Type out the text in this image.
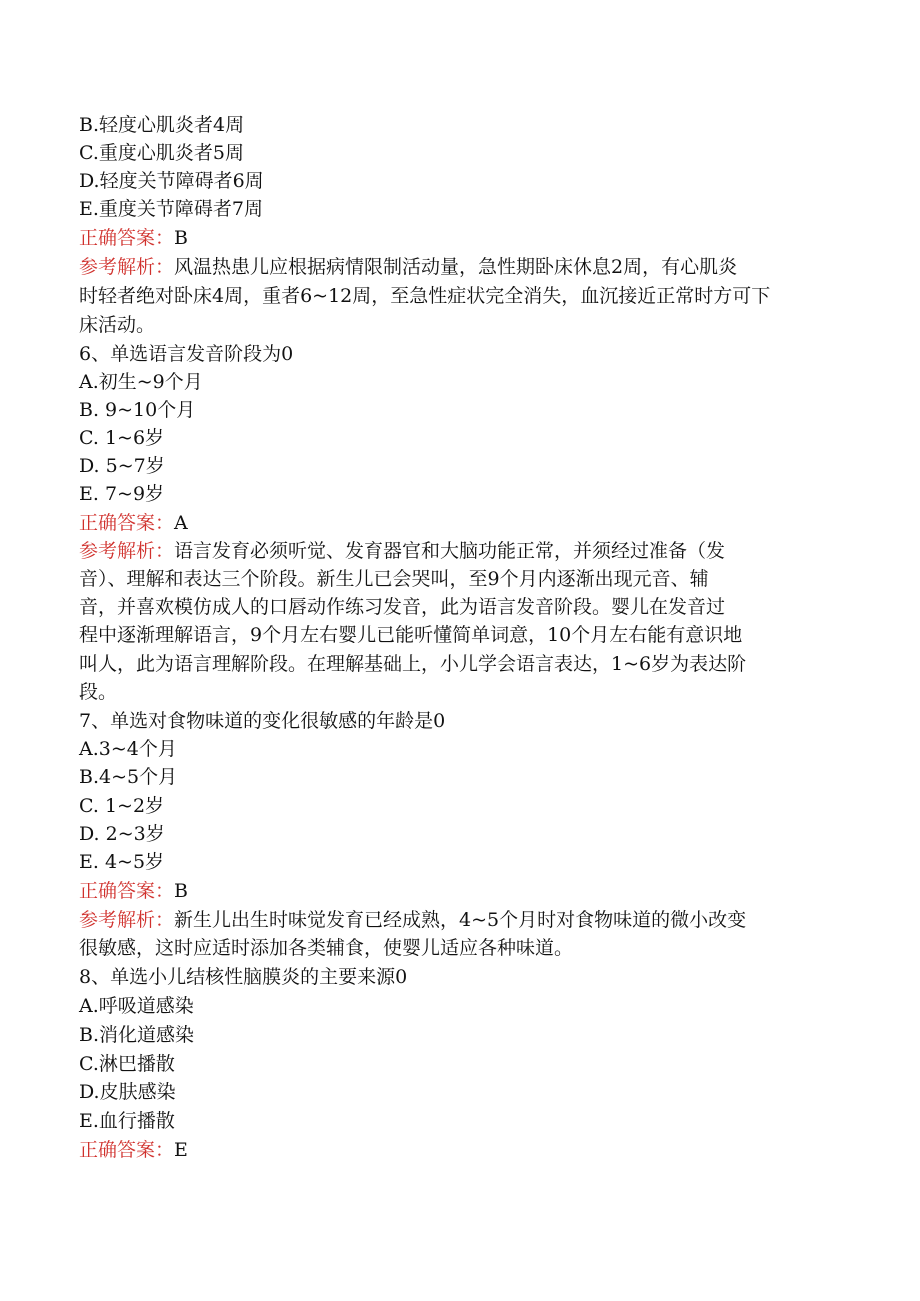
B.轻度心肌炎者4周
C.重度心肌炎者5周
D.轻度关节障碍者6周
E.重度关节障碍者7周
正确答案：B
参考解析：风温热患儿应根据病情限制活动量，急性期卧床休息2周，有心肌炎
时轻者绝对卧床4周，重者6~12周，至急性症状完全消失，血沉接近正常时方可下
床活动。
6、单选语言发音阶段为0
A.初生~9个月
B. 9~10个月
C. 1~6岁
D. 5~7岁
E. 7~9岁
正确答案：A
参考解析：语言发育必须听觉、发育器官和大脑功能正常，并须经过准备（发
音）、理解和表达三个阶段。新生儿已会哭叫，至9个月内逐渐出现元音、辅
音，并喜欢模仿成人的口唇动作练习发音，此为语言发音阶段。婴儿在发音过
程中逐渐理解语言，9个月左右婴儿已能听懂简单词意，10个月左右能有意识地
叫人，此为语言理解阶段。在理解基础上，小儿学会语言表达，1~6岁为表达阶
段。
7、单选对食物味道的变化很敏感的年龄是0
A.3~4个月
B.4~5个月
C. 1~2岁
D. 2~3岁
E. 4~5岁
正确答案：B
参考解析：新生儿出生时味觉发育已经成熟，4~5个月时对食物味道的微小改变
很敏感，这时应适时添加各类辅食，使婴儿适应各种味道。
8、单选小儿结核性脑膜炎的主要来源0
A.呼吸道感染
B.消化道感染
C.淋巴播散
D.皮肤感染
E.血行播散
正确答案：E
